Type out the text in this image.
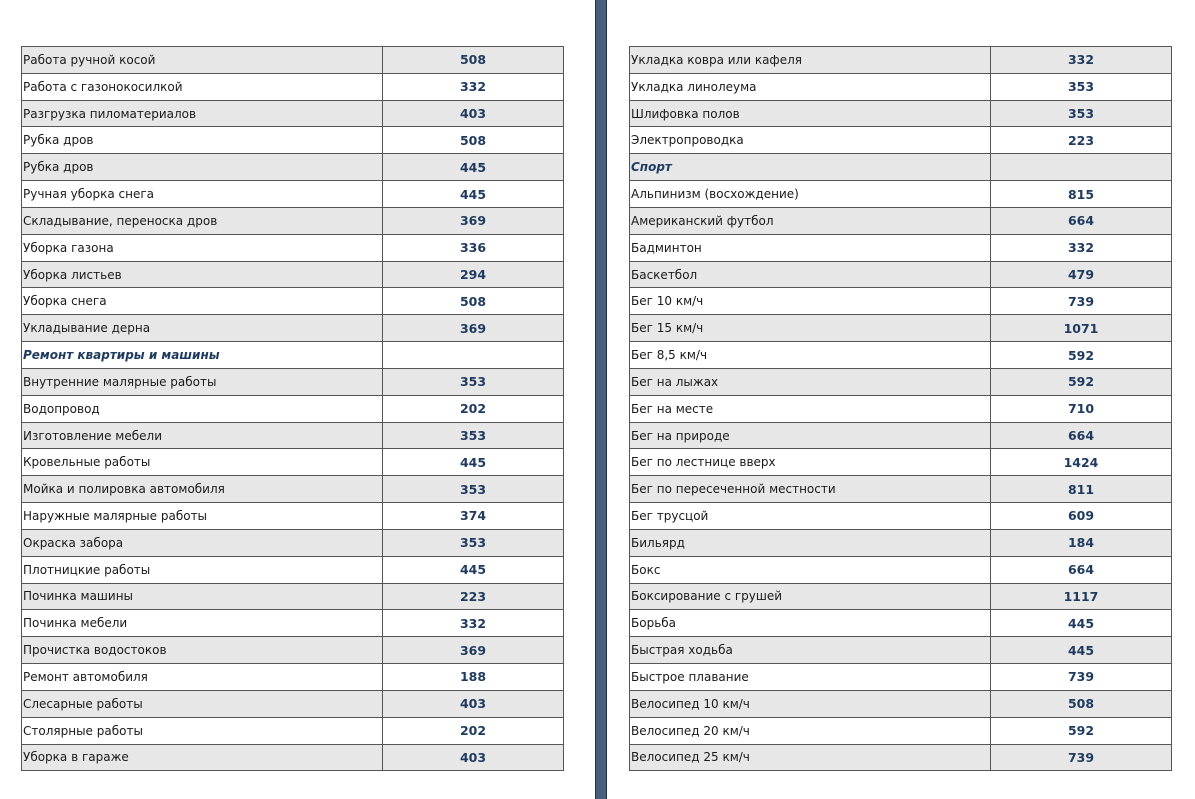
Работа ручной косой	508
Работа с газонокосилкой	332
Разгрузка пиломатериалов	403
Рубка дров	508
Рубка дров	445
Ручная уборка снега	445
Складывание, переноска дров	369
Уборка газона	336
Уборка листьев	294
Уборка снега	508
Укладывание дерна	369
Ремонт квартиры и машины
Внутренние малярные работы	353
Водопровод	202
Изготовление мебели	353
Кровельные работы	445
Мойка и полировка автомобиля	353
Наружные малярные работы	374
Окраска забора	353
Плотницкие работы	445
Починка машины	223
Починка мебели	332
Прочистка водостоков	369
Ремонт автомобиля	188
Слесарные работы	403
Столярные работы	202
Уборка в гараже	403
Укладка ковра или кафеля	332
Укладка линолеума	353
Шлифовка полов	353
Электропроводка	223
Спорт
Альпинизм (восхождение)	815
Американский футбол	664
Бадминтон	332
Баскетбол	479
Бег 10 км/ч	739
Бег 15 км/ч	1071
Бег 8,5 км/ч	592
Бег на лыжах	592
Бег на месте	710
Бег на природе	664
Бег по лестнице вверх	1424
Бег по пересеченной местности	811
Бег трусцой	609
Бильярд	184
Бокс	664
Боксирование с грушей	1117
Борьба	445
Быстрая ходьба	445
Быстрое плавание	739
Велосипед 10 км/ч	508
Велосипед 20 км/ч	592
Велосипед 25 км/ч	739
